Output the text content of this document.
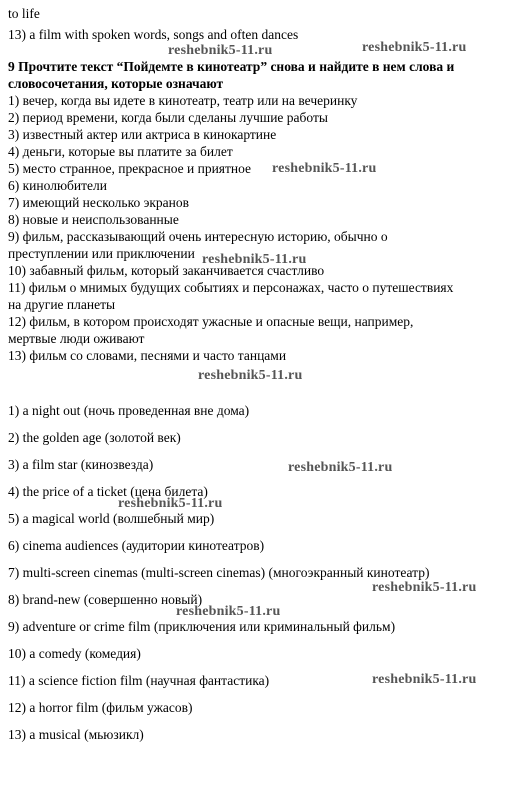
to life
13) a film with spoken words, songs and often dances
9 Прочтите текст “Пойдемте в кинотеатр” снова и найдите в нем слова и
словосочетания, которые означают
1) вечер, когда вы идете в кинотеатр, театр или на вечеринку
2) период времени, когда были сделаны лучшие работы
3) известный актер или актриса в кинокартине
4) деньги, которые вы платите за билет
5) место странное, прекрасное и приятное
6) кинолюбители
7) имеющий несколько экранов
8) новые и неиспользованные
9) фильм, рассказывающий очень интересную историю, обычно о
преступлении или приключении
10) забавный фильм, который заканчивается счастливо
11) фильм о мнимых будущих событиях и персонажах, часто о путешествиях
на другие планеты
12) фильм, в котором происходят ужасные и опасные вещи, например,
мертвые люди оживают
13) фильм со словами, песнями и часто танцами
1) a night out (ночь проведенная вне дома)
2) the golden age (золотой век)
3) a film star (кинозвезда)
4) the price of a ticket (цена билета)
5) a magical world (волшебный мир)
6) cinema audiences (аудитории кинотеатров)
7) multi-screen cinemas (multi-screen cinemas) (многоэкранный кинотеатр)
8) brand-new (совершенно новый)
9) adventure or crime film (приключения или криминальный фильм)
10) a comedy (комедия)
11) a science fiction film (научная фантастика)
12) a horror film (фильм ужасов)
13) a musical (мьюзикл)
reshebnik5-11.ru	reshebnik5-11.ru
reshebnik5-11.ru
reshebnik5-11.ru
reshebnik5-11.ru
reshebnik5-11.ru
reshebnik5-11.ru
reshebnik5-11.ru
reshebnik5-11.ru
reshebnik5-11.ru
